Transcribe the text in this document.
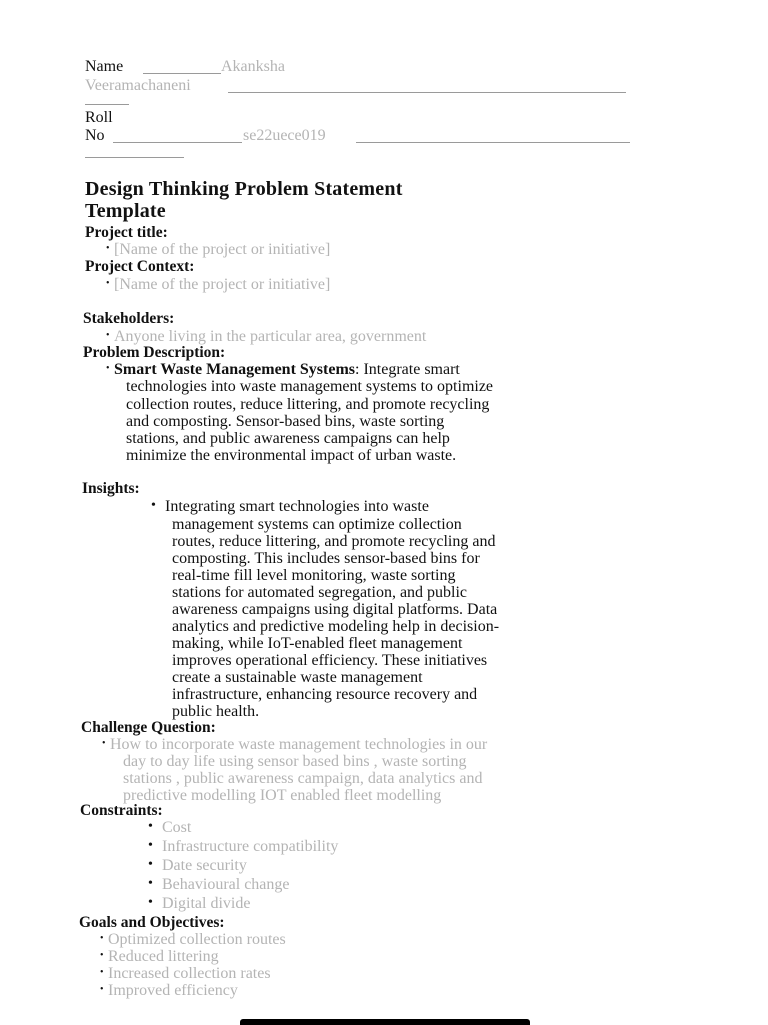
Name	Akanksha
Veeramachaneni
Roll
No	se22uece019
Design Thinking Problem Statement
Template
Project title:
• [Name of the project or initiative]
Project Context:
• [Name of the project or initiative]
Stakeholders:
• Anyone living in the particular area, government
Problem Description:
• Smart Waste Management Systems: Integrate smart
technologies into waste management systems to optimize
collection routes, reduce littering, and promote recycling
and composting. Sensor-based bins, waste sorting
stations, and public awareness campaigns can help
minimize the environmental impact of urban waste.
Insights:
• Integrating smart technologies into waste
management systems can optimize collection
routes, reduce littering, and promote recycling and
composting. This includes sensor-based bins for
real-time fill level monitoring, waste sorting
stations for automated segregation, and public
awareness campaigns using digital platforms. Data
analytics and predictive modeling help in decision-
making, while IoT-enabled fleet management
improves operational efficiency. These initiatives
create a sustainable waste management
infrastructure, enhancing resource recovery and
public health.
Challenge Question:
• How to incorporate waste management technologies in our
day to day life using sensor based bins , waste sorting
stations , public awareness campaign, data analytics and
predictive modelling IOT enabled fleet modelling
Constraints:
• Cost
• Infrastructure compatibility
• Date security
• Behavioural change
• Digital divide
Goals and Objectives:
• Optimized collection routes
• Reduced littering
• Increased collection rates
• Improved efficiency
